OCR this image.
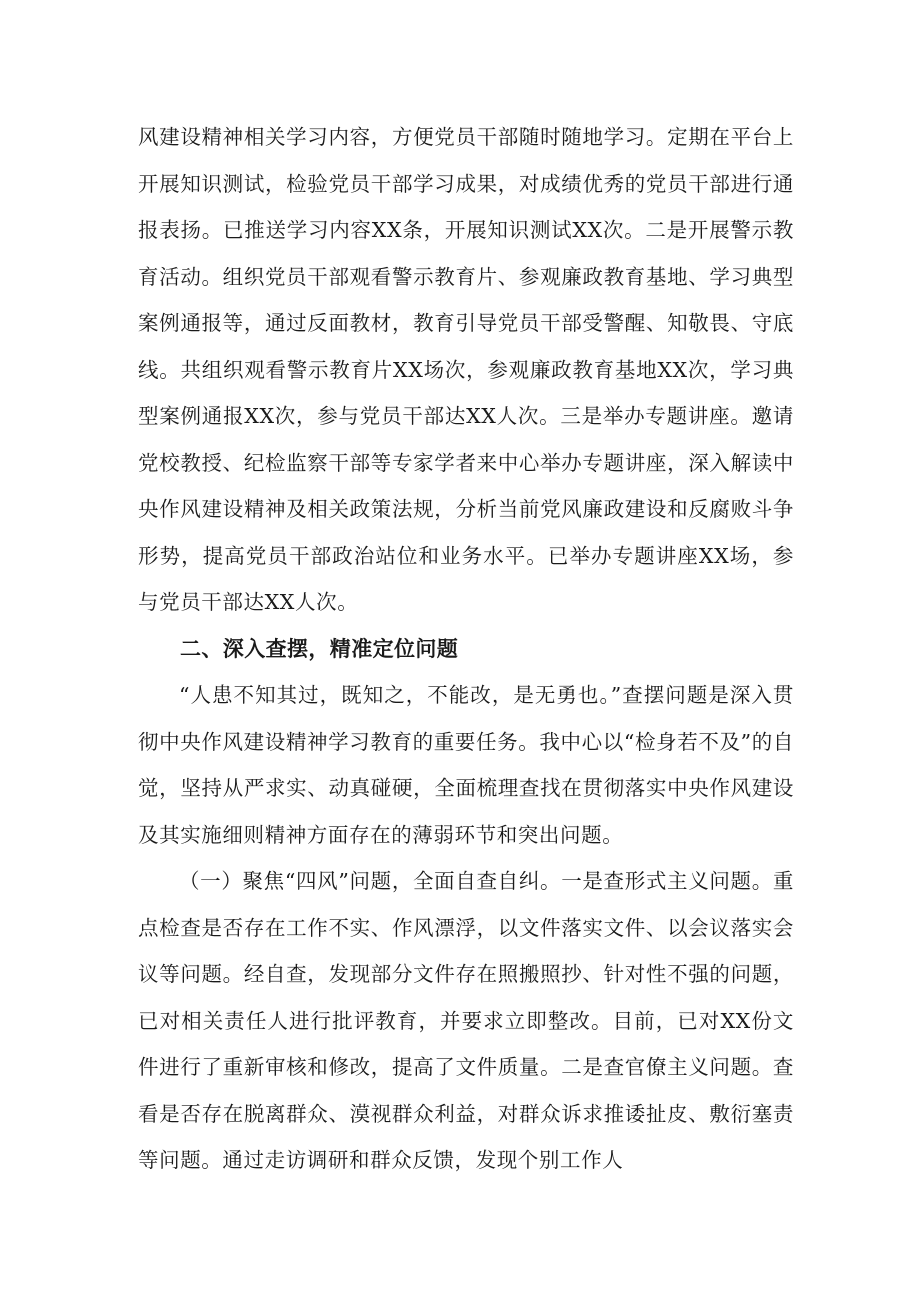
风建设精神相关学习内容，方便党员干部随时随地学习。定期在平台上开展知识测试，检验党员干部学习成果，对成绩优秀的党员干部进行通报表扬。已推送学习内容XX条，开展知识测试XX次。二是开展警示教育活动。组织党员干部观看警示教育片、参观廉政教育基地、学习典型案例通报等，通过反面教材，教育引导党员干部受警醒、知敬畏、守底线。共组织观看警示教育片XX场次，参观廉政教育基地XX次，学习典型案例通报XX次，参与党员干部达XX人次。三是举办专题讲座。邀请党校教授、纪检监察干部等专家学者来中心举办专题讲座，深入解读中央作风建设精神及相关政策法规，分析当前党风廉政建设和反腐败斗争形势，提高党员干部政治站位和业务水平。已举办专题讲座XX场，参与党员干部达XX人次。

二、深入查摆，精准定位问题

“人患不知其过，既知之，不能改，是无勇也。”查摆问题是深入贯彻中央作风建设精神学习教育的重要任务。我中心以“检身若不及”的自觉，坚持从严求实、动真碰硬，全面梳理查找在贯彻落实中央作风建设及其实施细则精神方面存在的薄弱环节和突出问题。

（一）聚焦“四风”问题，全面自查自纠。一是查形式主义问题。重点检查是否存在工作不实、作风漂浮，以文件落实文件、以会议落实会议等问题。经自查，发现部分文件存在照搬照抄、针对性不强的问题，已对相关责任人进行批评教育，并要求立即整改。目前，已对XX份文件进行了重新审核和修改，提高了文件质量。二是查官僚主义问题。查看是否存在脱离群众、漠视群众利益，对群众诉求推诿扯皮、敷衍塞责等问题。通过走访调研和群众反馈，发现个别工作人
